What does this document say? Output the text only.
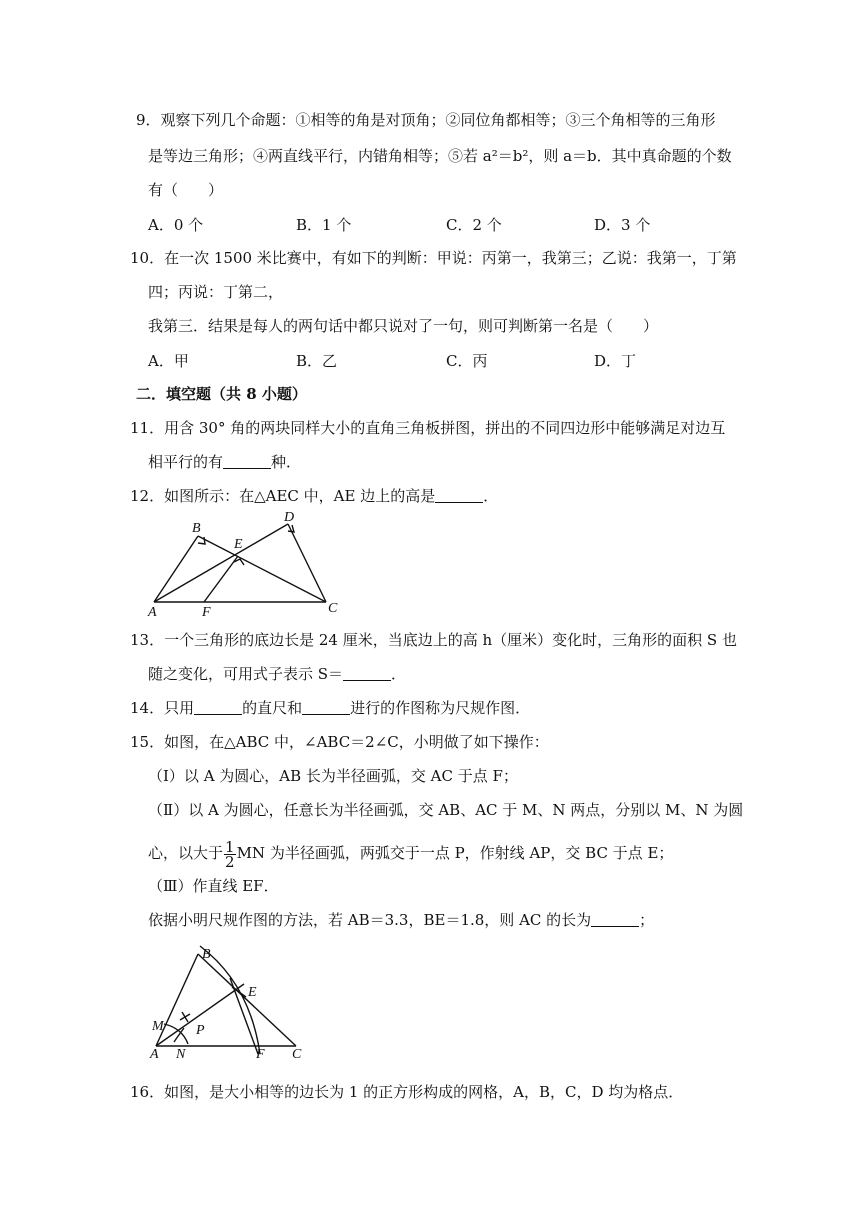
9．观察下列几个命题：①相等的角是对顶角；②同位角都相等；③三个角相等的三角形
是等边三角形；④两直线平行，内错角相等；⑤若 a²＝b²，则 a＝b．其中真命题的个数
有（　　）
A．0 个	B．1 个	C．2 个	D．3 个
10．在一次 1500 米比赛中，有如下的判断：甲说：丙第一，我第三；乙说：我第一，丁第
四；丙说：丁第二，
我第三．结果是每人的两句话中都只说对了一句，则可判断第一名是（　　）
A．甲	B．乙	C．丙	D．丁
二．填空题（共 8 小题）
11．用含 30° 角的两块同样大小的直角三角板拼图，拼出的不同四边形中能够满足对边互
相平行的有	种．
12．如图所示：在△AEC 中，AE 边上的高是	．
B
D
E
A	F	C
13．一个三角形的底边长是 24 厘米，当底边上的高 h（厘米）变化时，三角形的面积 S 也
随之变化，可用式子表示 S＝	．
14．只用	的直尺和	进行的作图称为尺规作图．
15．如图，在△ABC 中，∠ABC＝2∠C，小明做了如下操作：
（Ⅰ）以 A 为圆心，AB 长为半径画弧，交 AC 于点 F；
（Ⅱ）以 A 为圆心，任意长为半径画弧，交 AB、AC 于 M、N 两点，分别以 M、N 为圆
心，以大于 $\frac{1}{2}$ MN 为半径画弧，两弧交于一点 P，作射线 AP，交 BC 于点 E；
（Ⅲ）作直线 EF．
依据小明尺规作图的方法，若 AB＝3.3，BE＝1.8，则 AC 的长为	；
B
E
M P
A N	F C
16．如图，是大小相等的边长为 1 的正方形构成的网格，A，B，C，D 均为格点．
